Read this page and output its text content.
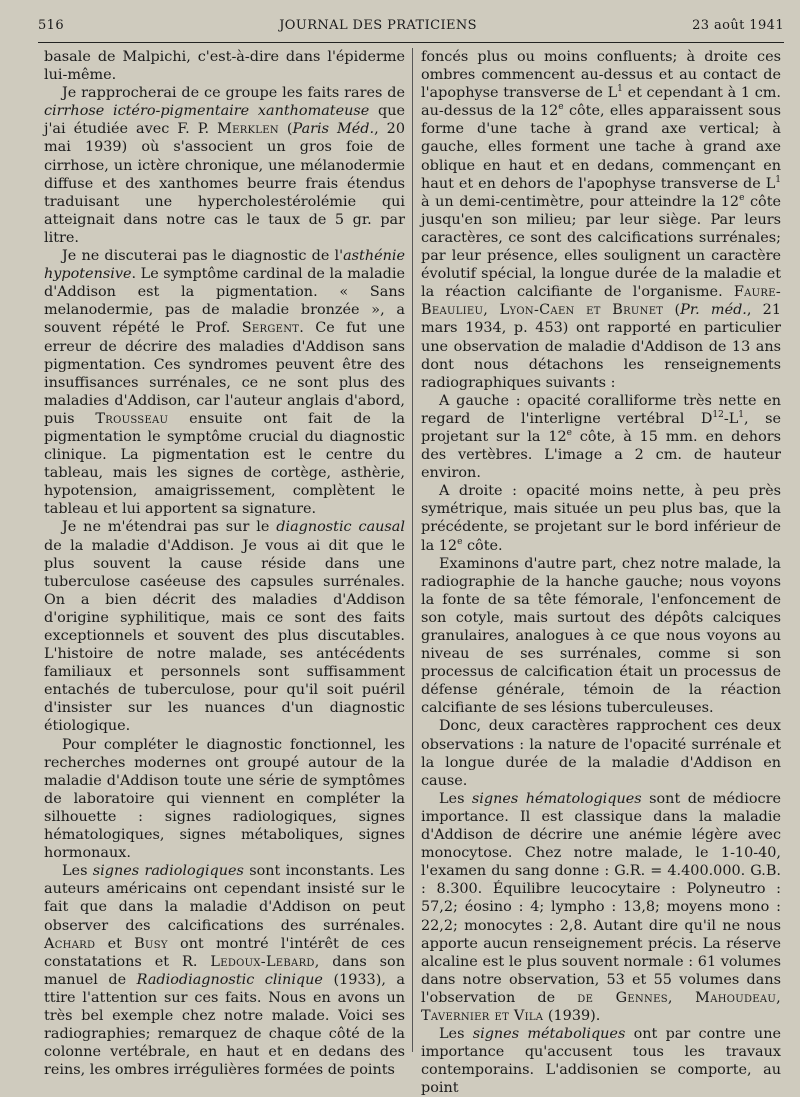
516	JOURNAL DES PRATICIENS	23 août 1941

basale de Malpichi, c'est-à-dire dans l'épiderme lui-même.

Je rapprocherai de ce groupe les faits rares de cirrhose ictéro-pigmentaire xanthomateuse que j'ai étudiée avec F. P. Merklen (Paris Méd., 20 mai 1939) où s'associent un gros foie de cirrhose, un ictère chronique, une mélanodermie diffuse et des xanthomes beurre frais étendus traduisant une hypercholestérolémie qui atteignait dans notre cas le taux de 5 gr. par litre.

Je ne discuterai pas le diagnostic de l'asthénie hypotensive. Le symptôme cardinal de la maladie d'Addison est la pigmentation. « Sans melanodermie, pas de maladie bronzée », a souvent répété le Prof. Sergent. Ce fut une erreur de décrire des maladies d'Addison sans pigmentation. Ces syndromes peuvent être des insuffisances surrénales, ce ne sont plus des maladies d'Addison, car l'auteur anglais d'abord, puis Trousseau ensuite ont fait de la pigmentation le symptôme crucial du diagnostic clinique. La pigmentation est le centre du tableau, mais les signes de cortège, asthèrie, hypotension, amaigrissement, complètent le tableau et lui apportent sa signature.

Je ne m'étendrai pas sur le diagnostic causal de la maladie d'Addison. Je vous ai dit que le plus souvent la cause réside dans une tuberculose caséeuse des capsules surrénales. On a bien décrit des maladies d'Addison d'origine syphilitique, mais ce sont des faits exceptionnels et souvent des plus discutables. L'histoire de notre malade, ses antécédents familiaux et personnels sont suffisamment entachés de tuberculose, pour qu'il soit puéril d'insister sur les nuances d'un diagnostic étiologique.

Pour compléter le diagnostic fonctionnel, les recherches modernes ont groupé autour de la maladie d'Addison toute une série de symptômes de laboratoire qui viennent en compléter la silhouette : signes radiologiques, signes hématologiques, signes métaboliques, signes hormonaux.

Les signes radiologiques sont inconstants. Les auteurs américains ont cependant insisté sur le fait que dans la maladie d'Addison on peut observer des calcifications des surrénales. Achard et Busy ont montré l'intérêt de ces constatations et R. Ledoux-Lebard, dans son manuel de Radiodiagnostic clinique (1933), a ttire l'attention sur ces faits. Nous en avons un très bel exemple chez notre malade. Voici ses radiographies; remarquez de chaque côté de la colonne vertébrale, en haut et en dedans des reins, les ombres irrégulières formées de points

foncés plus ou moins confluents; à droite ces ombres commencent au-dessus et au contact de l'apophyse transverse de $L^1$ et cependant à 1 cm. au-dessus de la 12e côte, elles apparaissent sous forme d'une tache à grand axe vertical; à gauche, elles forment une tache à grand axe oblique en haut et en dedans, commençant en haut et en dehors de l'apophyse transverse de $L^1$ à un demi-centimètre, pour atteindre la 12e côte jusqu'en son milieu; par leur siège. Par leurs caractères, ce sont des calcifications surrénales; par leur présence, elles soulignent un caractère évolutif spécial, la longue durée de la maladie et la réaction calcifiante de l'organisme. Faure-Beaulieu, Lyon-Caen et Brunet (Pr. méd., 21 mars 1934, p. 453) ont rapporté en particulier une observation de maladie d'Addison de 13 ans dont nous détachons les renseignements radiographiques suivants :

A gauche : opacité coralliforme très nette en regard de l'interligne vertébral $D^{12}-L^1$, se projetant sur la 12e côte, à 15 mm. en dehors des vertèbres. L'image a 2 cm. de hauteur environ.

A droite : opacité moins nette, à peu près symétrique, mais située un peu plus bas, que la précédente, se projetant sur le bord inférieur de la 12e côte.

Examinons d'autre part, chez notre malade, la radiographie de la hanche gauche; nous voyons la fonte de sa tête fémorale, l'enfoncement de son cotyle, mais surtout des dépôts calciques granulaires, analogues à ce que nous voyons au niveau de ses surrénales, comme si son processus de calcification était un processus de défense générale, témoin de la réaction calcifiante de ses lésions tuberculeuses.

Donc, deux caractères rapprochent ces deux observations : la nature de l'opacité surrénale et la longue durée de la maladie d'Addison en cause.

Les signes hématologiques sont de médiocre importance. Il est classique dans la maladie d'Addison de décrire une anémie légère avec monocytose. Chez notre malade, le 1-10-40, l'examen du sang donne : G.R. = 4.400.000. G.B. : 8.300. Équilibre leucocytaire : Polyneutro : 57,2; éosino : 4; lympho : 13,8; moyens mono : 22,2; monocytes : 2,8. Autant dire qu'il ne nous apporte aucun renseignement précis. La réserve alcaline est le plus souvent normale : 61 volumes dans notre observation, 53 et 55 volumes dans l'observation de de Gennes, Mahoudeau, Tavernier et Vila (1939).

Les signes métaboliques ont par contre une importance qu'accusent tous les travaux contemporains. L'addisonien se comporte, au point
